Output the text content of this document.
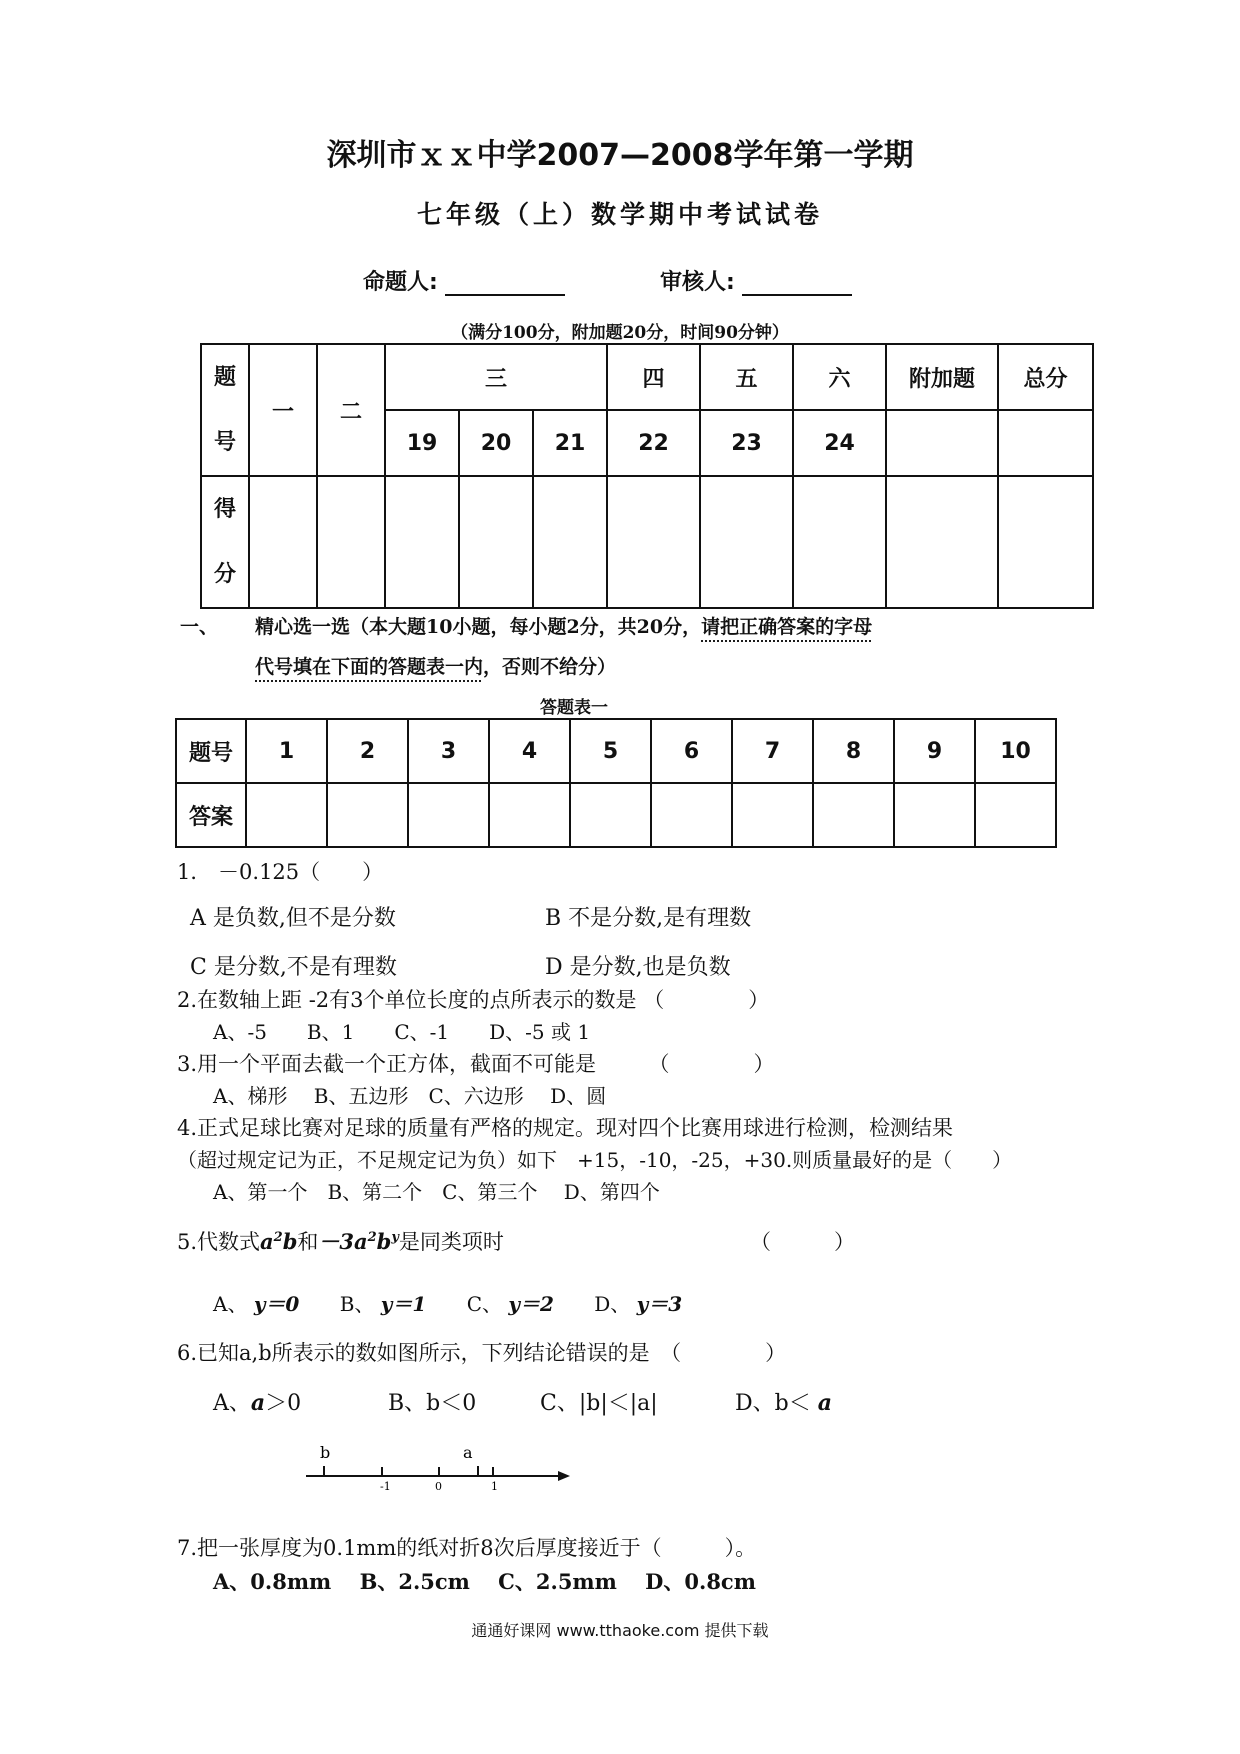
深圳市ｘｘ中学2007—2008学年第一学期
七年级（上）数学期中考试试卷
命题人:	审核人:
（满分100分，附加题20分，时间90分钟）
题
号	一	二	三			四	五	六	附加题	总分
			19	20	21	22	23	24		
得
分										
一、 精心选一选（本大题10小题，每小题2分，共20分，请把正确答案的字母
代号填在下面的答题表一内，否则不给分）
答题表一
题号	1	2	3	4	5	6	7	8	9	10
答案										
1． －0.125（　　）
A 是负数,但不是分数	B 不是分数,是有理数
C 是分数,不是有理数	D 是分数,也是负数
2.在数轴上距 -2有3个单位长度的点所表示的数是 （　　　　）
A、-5　　B、1　　C、-1　　D、-5 或 1
3.用一个平面去截一个正方体，截面不可能是　　　（　　　　）
A、梯形　 B、五边形　C、六边形　 D、圆
4.正式足球比赛对足球的质量有严格的规定。现对四个比赛用球进行检测，检测结果
（超过规定记为正，不足规定记为负）如下　+15，-10，-25，+30.则质量最好的是（　　）
A、第一个　B、第二个　C、第三个　 D、第四个
5.代数式$a^2b$和$-3a^2b^y$是同类项时	（　　　）
A、 y＝0 B、 y＝1 C、 y＝2 D、 y＝3
6.已知a,b所表示的数如图所示，下列结论错误的是　（　　　　）
A、a＞0	B、b＜0	C、|b|＜|a|	D、b＜ a
b	a
-1	0	1
7.把一张厚度为0.1mm的纸对折8次后厚度接近于（　　　）。
A、0.8mm　 B、2.5cm　 C、2.5mm　 D、0.8cm
通通好课网 www.tthaoke.com 提供下载
